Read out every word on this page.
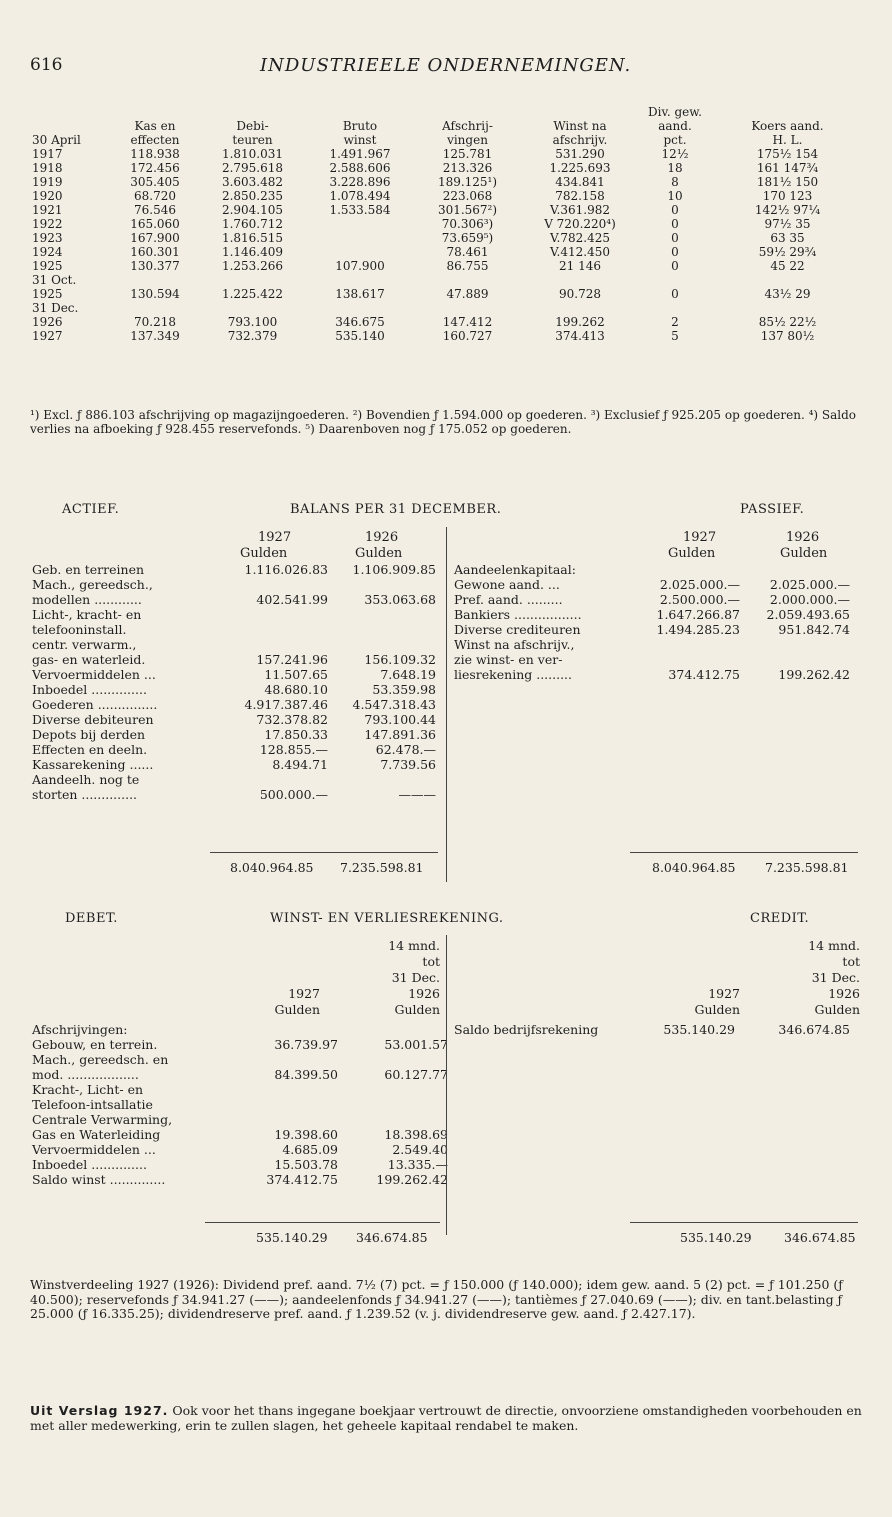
616	INDUSTRIEELE ONDERNEMINGEN.
						Div. gew.	
	Kas en	Debi-	Bruto	Afschrij-	Winst na	aand.	Koers aand.
30 April	effecten	teuren	winst	vingen	afschrijv.	pct.	H. L.
1917	118.938	1.810.031	1.491.967	125.781	531.290	12½	175½ 154
1918	172.456	2.795.618	2.588.606	213.326	1.225.693	18	161 147¾
1919	305.405	3.603.482	3.228.896	189.125¹)	434.841	8	181½ 150
1920	68.720	2.850.235	1.078.494	223.068	782.158	10	170 123
1921	76.546	2.904.105	1.533.584	301.567²)	V.361.982	0	142½ 97¼
1922	165.060	1.760.712		70.306³)	V 720.220⁴)	0	97½ 35
1923	167.900	1.816.515		73.659⁵)	V.782.425	0	63 35
1924	160.301	1.146.409		78.461	V.412.450	0	59½ 29¾
1925	130.377	1.253.266	107.900	86.755	21 146	0	45 22
31 Oct.							
1925	130.594	1.225.422	138.617	47.889	90.728	0	43½ 29
31 Dec.							
1926	70.218	793.100	346.675	147.412	199.262	2	85½ 22½
1927	137.349	732.379	535.140	160.727	374.413	5	137 80½
¹) Excl. ƒ 886.103 afschrijving op magazijngoederen. ²) Bovendien ƒ 1.594.000 op goederen. ³) Exclusief ƒ 925.205 op goederen. ⁴) Saldo verlies na afboeking ƒ 928.455 reservefonds. ⁵) Daarenboven nog ƒ 175.052 op goederen.
ACTIEF.	BALANS PER 31 DECEMBER.	PASSIEF.
1927	1926
Gulden	Gulden
1927	1926
Gulden	Gulden
Geb. en terreinen	1.116.026.83	1.106.909.85
Mach., gereedsch.,		
modellen ............	402.541.99	353.063.68
Licht-, kracht- en		
telefooninstall.		
centr. verwarm.,		
gas- en waterleid.	157.241.96	156.109.32
Vervoermiddelen ...	11.507.65	7.648.19
Inboedel ..............	48.680.10	53.359.98
Goederen ...............	4.917.387.46	4.547.318.43
Diverse debiteuren	732.378.82	793.100.44
Depots bij derden	17.850.33	147.891.36
Effecten en deeln.	128.855.—	62.478.—
Kassarekening ......	8.494.71	7.739.56
Aandeelh. nog te		
storten ..............	500.000.—	———
Aandeelenkapitaal:		
Gewone aand. ...	2.025.000.—	2.025.000.—
Pref. aand. .........	2.500.000.—	2.000.000.—
Bankiers .................	1.647.266.87	2.059.493.65
Diverse crediteuren	1.494.285.23	951.842.74
Winst na afschrijv.,		
zie winst- en ver-		
liesrekening .........	374.412.75	199.262.42
8.040.964.85 7.235.598.81	8.040.964.85 7.235.598.81
DEBET.	WINST- EN VERLIESREKENING.	CREDIT.
14 mnd.
tot
31 Dec.
1926
Gulden
1927
Gulden
14 mnd.
tot
31 Dec.
1926
Gulden
1927
Gulden
Afschrijvingen:		
Gebouw, en terrein.	36.739.97	53.001.57
Mach., gereedsch. en		
mod. ..................	84.399.50	60.127.77
Kracht-, Licht- en		
Telefoon-intsallatie		
Centrale Verwarming,		
Gas en Waterleiding	19.398.60	18.398.69
Vervoermiddelen ...	4.685.09	2.549.40
Inboedel ..............	15.503.78	13.335.—
Saldo winst ..............	374.412.75	199.262.42
Saldo bedrijfsrekening	535.140.29	346.674.85
535.140.29 346.674.85	535.140.29	346.674.85
Winstverdeeling 1927 (1926): Dividend pref. aand. 7½ (7) pct. = ƒ 150.000 (ƒ 140.000); idem gew. aand. 5 (2) pct. = ƒ 101.250 (ƒ 40.500); reservefonds ƒ 34.941.27 (——); aandeelenfonds ƒ 34.941.27 (——); tantièmes ƒ 27.040.69 (——); div. en tant.belasting ƒ 25.000 (ƒ 16.335.25); dividendreserve pref. aand. ƒ 1.239.52 (v. j. dividendreserve gew. aand. ƒ 2.427.17).
Uit Verslag 1927. Ook voor het thans ingegane boekjaar vertrouwt de directie, onvoorziene omstandigheden voorbehouden en met aller medewerking, erin te zullen slagen, het geheele kapitaal rendabel te maken.
